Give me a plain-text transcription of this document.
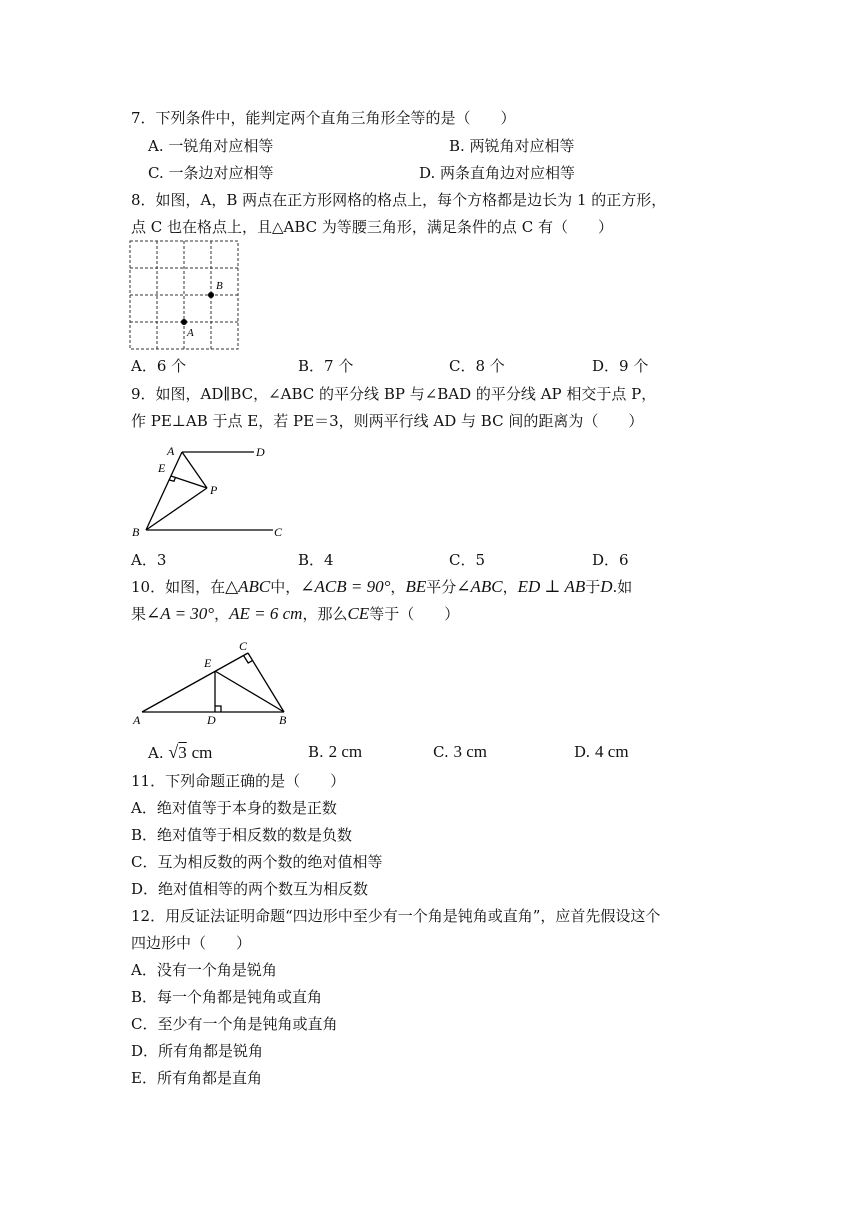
7．下列条件中，能判定两个直角三角形全等的是（　　）
A. 一锐角对应相等	B. 两锐角对应相等
C. 一条边对应相等	D. 两条直角边对应相等
8．如图，A，B 两点在正方形网格的格点上，每个方格都是边长为 1 的正方形，
点 C 也在格点上，且△ABC 为等腰三角形，满足条件的点 C 有（　　）
B
A
A．6 个	B．7 个	C．8 个	D．9 个
9．如图，AD∥BC，∠ABC 的平分线 BP 与∠BAD 的平分线 AP 相交于点 P，
作 PE⊥AB 于点 E，若 PE＝3，则两平行线 AD 与 BC 间的距离为（　　）
A	D
E
P
B	C
A．3	B．4	C．5	D．6
10．如图，在△ABC中，∠ACB = 90°，BE平分∠ABC，ED ⊥ AB于D.如
果∠A = 30°，AE = 6 cm，那么CE等于（　　）
C
E
A	D	B
A. √3 cm	B. 2 cm	C. 3 cm	D. 4 cm
11．下列命题正确的是（　　）
A．绝对值等于本身的数是正数
B．绝对值等于相反数的数是负数
C．互为相反数的两个数的绝对值相等
D．绝对值相等的两个数互为相反数
12．用反证法证明命题“四边形中至少有一个角是钝角或直角”，应首先假设这个
四边形中（　　）
A．没有一个角是锐角
B．每一个角都是钝角或直角
C．至少有一个角是钝角或直角
D．所有角都是锐角
E．所有角都是直角
